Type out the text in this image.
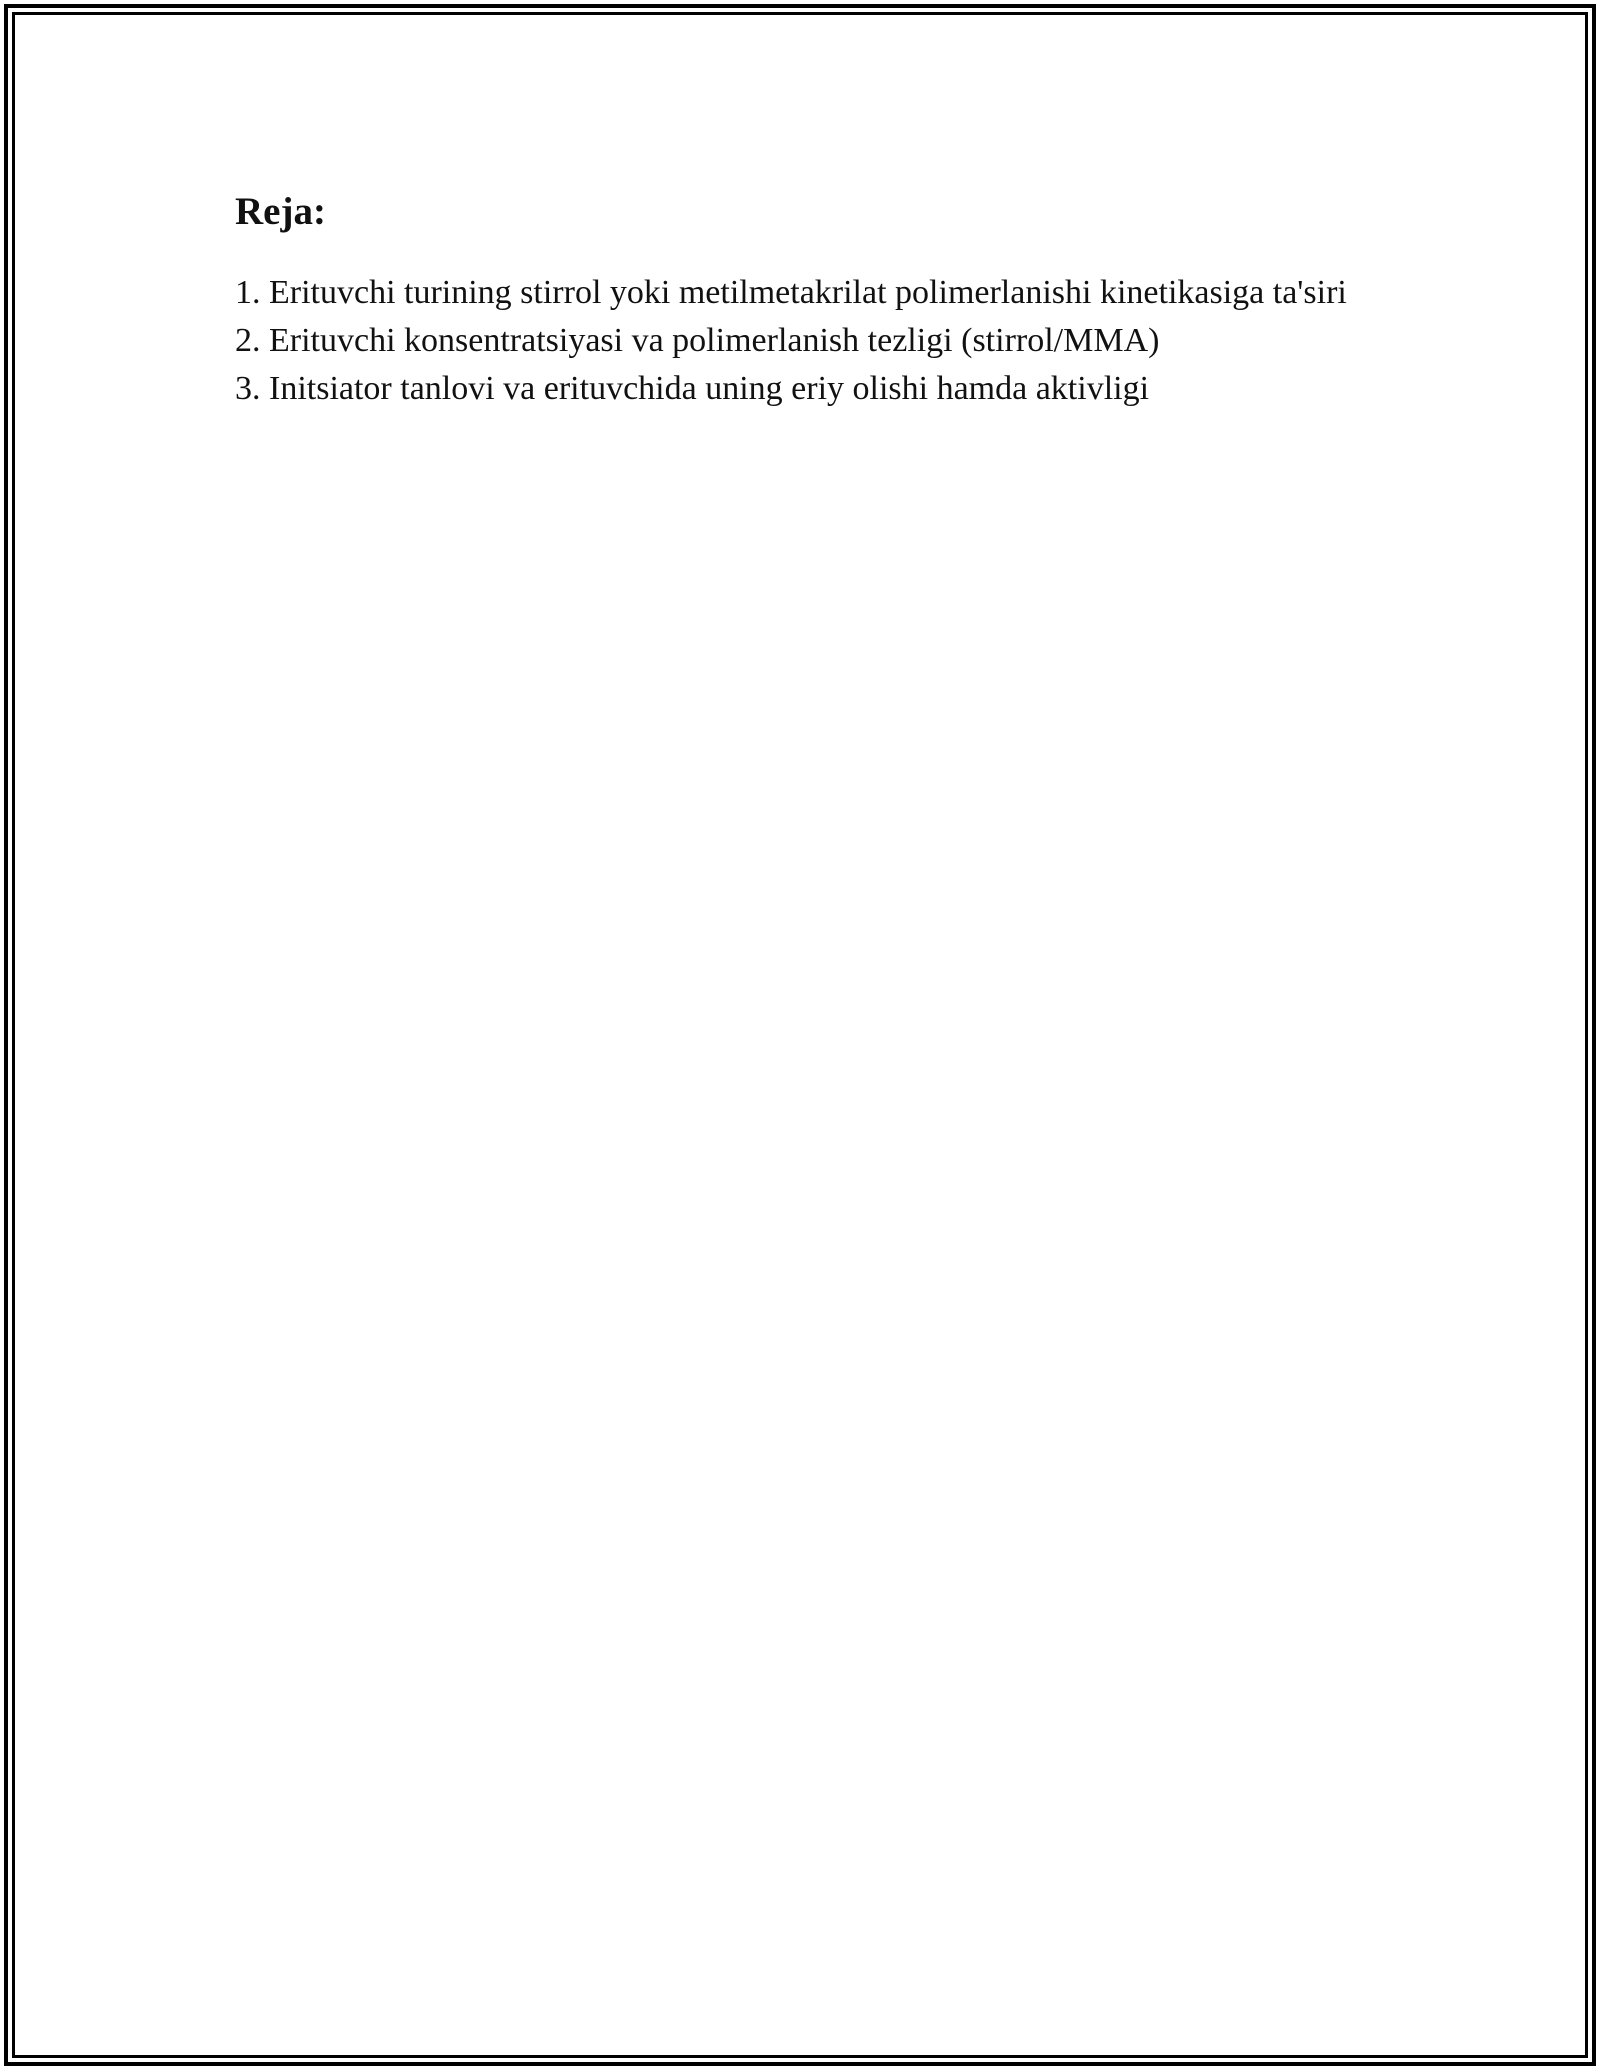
Reja:
1. Erituvchi turining stirrol yoki metilmetakrilat polimerlanishi kinetikasiga ta'siri
2. Erituvchi konsentratsiyasi va polimerlanish tezligi (stirrol/MMA)
3. Initsiator tanlovi va erituvchida uning eriy olishi hamda aktivligi
